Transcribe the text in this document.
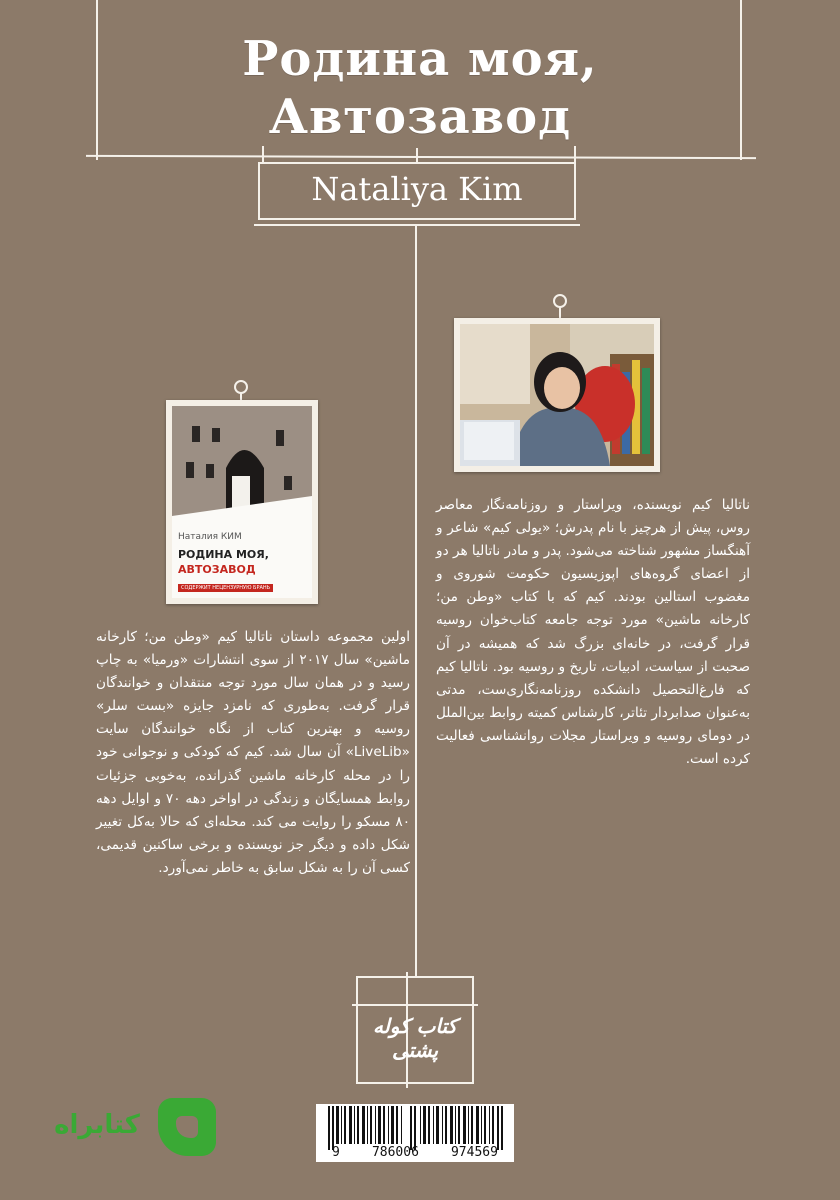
Родина моя,
Автозавод
Nataliya Kim
Наталия КИМ
РОДИНА МОЯ,
АВТОЗАВОД
СОДЕРЖИТ НЕЦЕНЗУРНУЮ БРАНЬ
ناتالیا کیم نویسنده، ویراستار و روزنامه‌نگار معاصر روس، پیش از هرچیز با نام پدرش؛ «یولی کیم» شاعر و آهنگساز مشهور شناخته می‌شود. پدر و مادر ناتالیا هر دو از اعضای گروه‌های اپوزیسیون حکومت شوروی و مغضوب استالین بودند. کیم که با کتاب «وطن من؛ کارخانه ماشین» مورد توجه جامعه کتاب‌خوان روسیه قرار گرفت، در خانه‌ای بزرگ شد که همیشه در آن صحبت از سیاست، ادبیات، تاریخ و روسیه بود. ناتالیا کیم که فارغ‌التحصیل دانشکده روزنامه‌نگاری‌ست، مدتی به‌عنوان صدابردار تئاتر، کارشناس کمیته روابط بین‌الملل در دومای روسیه و ویراستار مجلات روانشناسی فعالیت کرده است.
اولین مجموعه داستان ناتالیا کیم «وطن من؛ کارخانه ماشین» سال ۲۰۱۷ از سوی انتشارات «ورمیا» به چاپ رسید و در همان سال مورد توجه منتقدان و خوانندگان قرار گرفت. به‌طوری که نامزد جایزه «بست سلر» روسیه و بهترین کتاب از نگاه خوانندگان سایت «LiveLib» آن سال شد. کیم که کودکی و نوجوانی خود را در محله کارخانه ماشین گذرانده، به‌خوبی جزئیات روابط همسایگان و زندگی در اواخر دهه ۷۰ و اوایل دهه ۸۰ مسکو را روایت می کند. محله‌ای که حالا به‌کل تغییر شکل داده و دیگر جز نویسنده و برخی ساکنین قدیمی، کسی آن را به شکل سابق به خاطر نمی‌آورد.
کتاب کوله پشتی
کتابراه
9 786006 974569
